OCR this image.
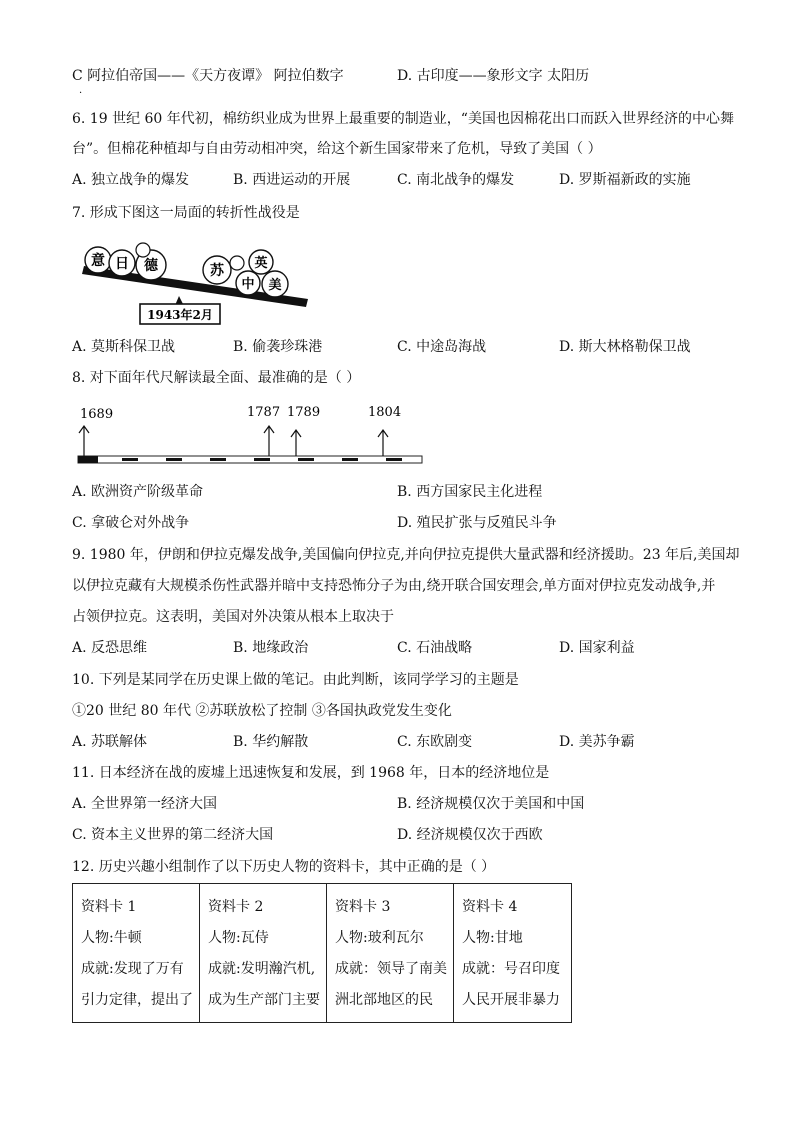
C 阿拉伯帝国——《天方夜谭》 阿拉伯数字	D. 古印度——象形文字 太阳历
·
6. 19 世纪 60 年代初，棉纺织业成为世界上最重要的制造业，“美国也因棉花出口而跃入世界经济的中心舞
台”。但棉花种植却与自由劳动相冲突，给这个新生国家带来了危机，导致了美国（ ）
A. 独立战争的爆发	B. 西进运动的开展	C. 南北战争的爆发	D. 罗斯福新政的实施
7. 形成下图这一局面的转折性战役是
意 日 德	苏 英
中 美
1943年2月
A. 莫斯科保卫战	B. 偷袭珍珠港	C. 中途岛海战	D. 斯大林格勒保卫战
8. 对下面年代尺解读最全面、最准确的是（ ）
1689	1787 1789	1804
A. 欧洲资产阶级革命	B. 西方国家民主化进程
C. 拿破仑对外战争	D. 殖民扩张与反殖民斗争
9. 1980 年，伊朗和伊拉克爆发战争,美国偏向伊拉克,并向伊拉克提供大量武器和经济援助。23 年后,美国却
以伊拉克藏有大规模杀伤性武器并暗中支持恐怖分子为由,绕开联合国安理会,单方面对伊拉克发动战争,并
占领伊拉克。这表明，美国对外决策从根本上取决于
A. 反恐思维	B. 地缘政治	C. 石油战略	D. 国家利益
10. 下列是某同学在历史课上做的笔记。由此判断，该同学学习的主题是
①20 世纪 80 年代 ②苏联放松了控制 ③各国执政党发生变化
A. 苏联解体	B. 华约解散	C. 东欧剧变	D. 美苏争霸
11. 日本经济在战的废墟上迅速恢复和发展，到 1968 年，日本的经济地位是
A. 全世界第一经济大国	B. 经济规模仅次于美国和中国
C. 资本主义世界的第二经济大国	D. 经济规模仅次于西欧
12. 历史兴趣小组制作了以下历史人物的资料卡，其中正确的是（ ）
资料卡 1
人物:牛顿
成就:发现了万有
引力定律，提出了

资料卡 2
人物:瓦侍
成就:发明瀚汽机,
成为生产部门主要

资料卡 3
人物:玻利瓦尔
成就：领导了南美
洲北部地区的民

资料卡 4
人物:甘地
成就：号召印度
人民开展非暴力
